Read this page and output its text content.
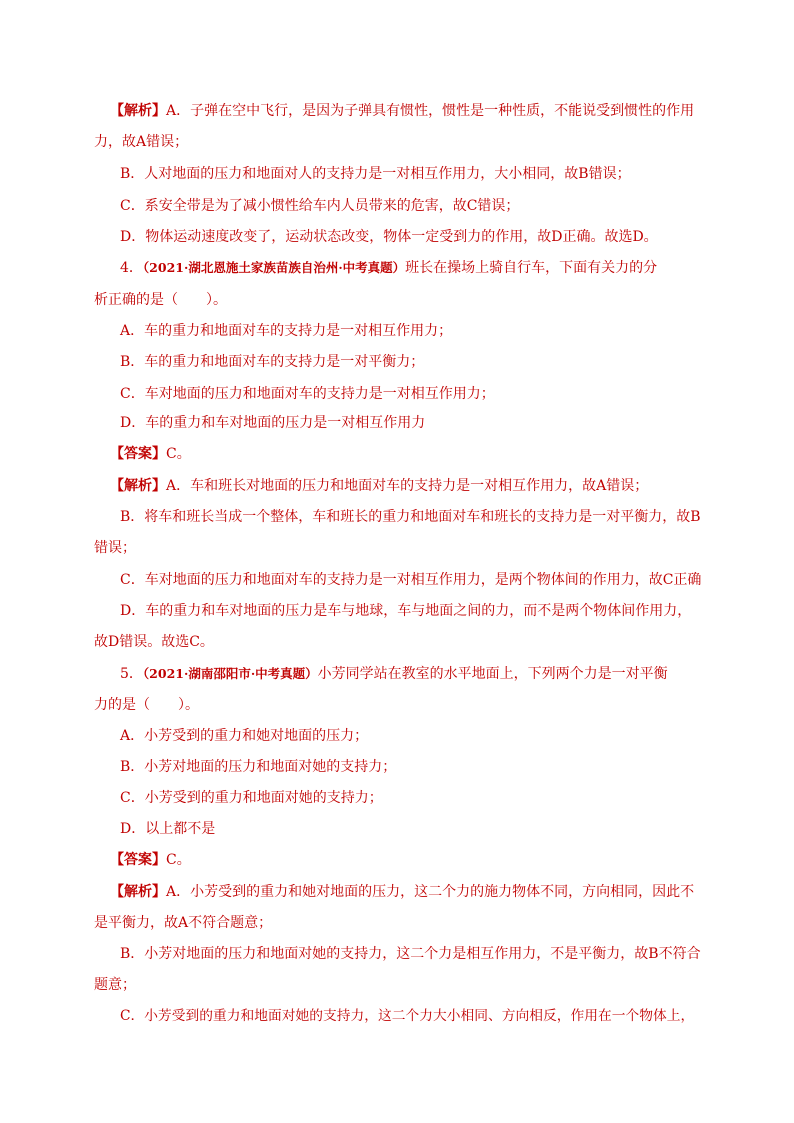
【解析】A．子弹在空中飞行，是因为子弹具有惯性，惯性是一种性质，不能说受到惯性的作用

力，故A错误；

B．人对地面的压力和地面对人的支持力是一对相互作用力，大小相同，故B错误；

C．系安全带是为了减小惯性给车内人员带来的危害，故C错误；

D．物体运动速度改变了，运动状态改变，物体一定受到力的作用，故D正确。故选D。

4．（2021·湖北恩施土家族苗族自治州·中考真题）班长在操场上骑自行车，下面有关力的分

析正确的是（　　）。

A．车的重力和地面对车的支持力是一对相互作用力；

B．车的重力和地面对车的支持力是一对平衡力；

C．车对地面的压力和地面对车的支持力是一对相互作用力；

D．车的重力和车对地面的压力是一对相互作用力

【答案】C。

【解析】A．车和班长对地面的压力和地面对车的支持力是一对相互作用力，故A错误；

B．将车和班长当成一个整体，车和班长的重力和地面对车和班长的支持力是一对平衡力，故B

错误；

C．车对地面的压力和地面对车的支持力是一对相互作用力，是两个物体间的作用力，故C正确

D．车的重力和车对地面的压力是车与地球，车与地面之间的力，而不是两个物体间作用力，

故D错误。故选C。

5．（2021·湖南邵阳市·中考真题）小芳同学站在教室的水平地面上，下列两个力是一对平衡

力的是（　　）。

A．小芳受到的重力和她对地面的压力；

B．小芳对地面的压力和地面对她的支持力；

C．小芳受到的重力和地面对她的支持力；

D．以上都不是

【答案】C。

【解析】A．小芳受到的重力和她对地面的压力，这二个力的施力物体不同，方向相同，因此不

是平衡力，故A不符合题意；

B．小芳对地面的压力和地面对她的支持力，这二个力是相互作用力，不是平衡力，故B不符合

题意；

C．小芳受到的重力和地面对她的支持力，这二个力大小相同、方向相反，作用在一个物体上，
